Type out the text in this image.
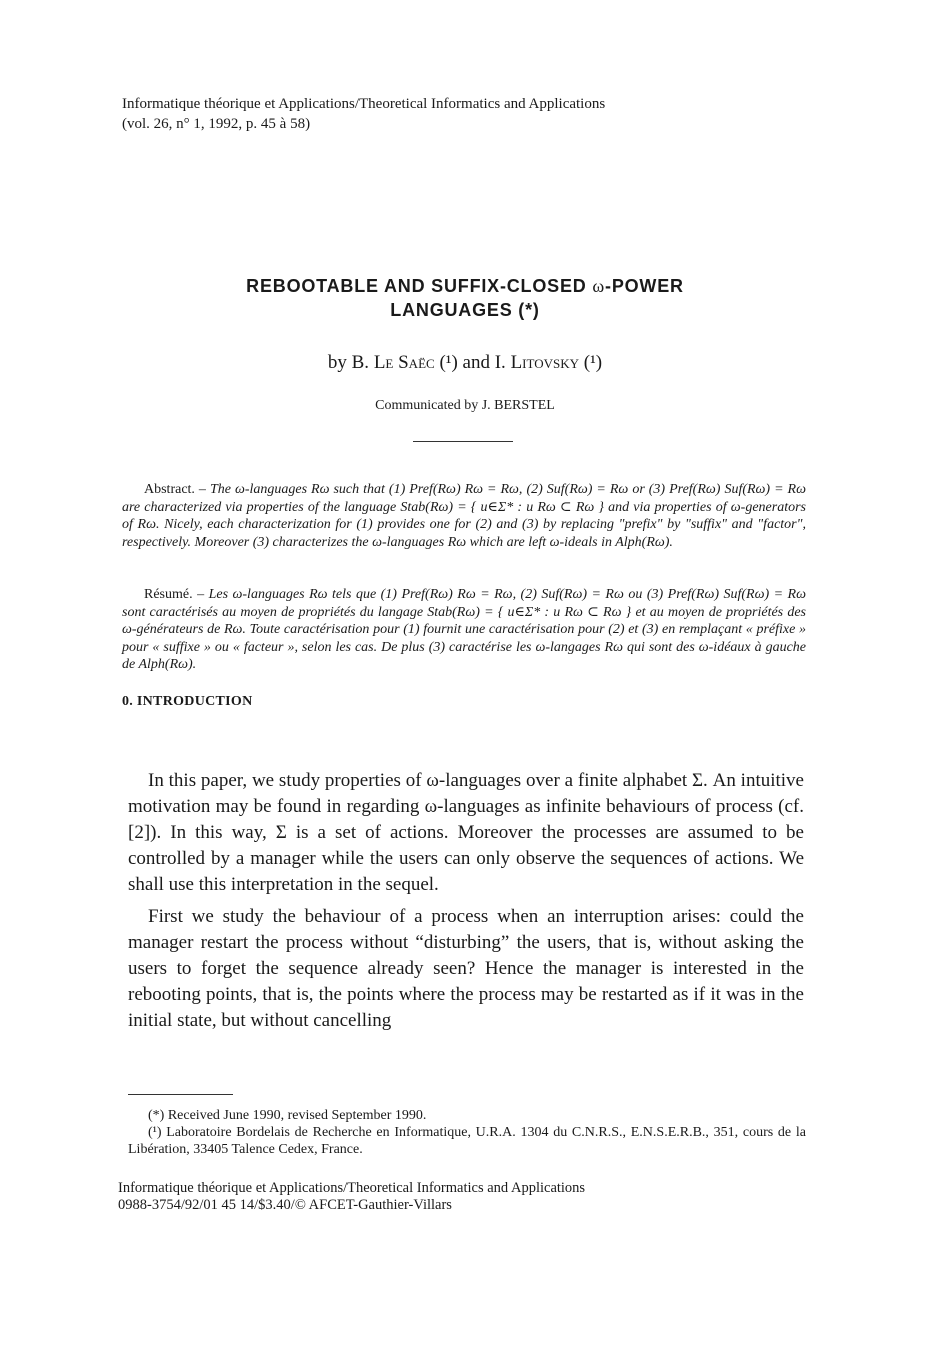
Informatique théorique et Applications/Theoretical Informatics and Applications
(vol. 26, n° 1, 1992, p. 45 à 58)
REBOOTABLE AND SUFFIX-CLOSED ω-POWER
LANGUAGES (*)
by B. Le Saëc (¹) and I. Litovsky (¹)
Communicated by J. BERSTEL

Abstract. – The ω-languages Rω such that (1) Pref(Rω) Rω = Rω, (2) Suf(Rω) = Rω or (3) Pref(Rω) Suf(Rω) = Rω are characterized via properties of the language Stab(Rω) = { u∈Σ* : u Rω ⊂ Rω } and via properties of ω-generators of Rω. Nicely, each characterization for (1) provides one for (2) and (3) by replacing "prefix" by "suffix" and "factor", respectively. Moreover (3) characterizes the ω-languages Rω which are left ω-ideals in Alph(Rω).

Résumé. – Les ω-languages Rω tels que (1) Pref(Rω) Rω = Rω, (2) Suf(Rω) = Rω ou (3) Pref(Rω) Suf(Rω) = Rω sont caractérisés au moyen de propriétés du langage Stab(Rω) = { u∈Σ* : u Rω ⊂ Rω } et au moyen de propriétés des ω-générateurs de Rω. Toute caractérisation pour (1) fournit une caractérisation pour (2) et (3) en remplaçant « préfixe » pour « suffixe » ou « facteur », selon les cas. De plus (3) caractérise les ω-langages Rω qui sont des ω-idéaux à gauche de Alph(Rω).

0. INTRODUCTION

In this paper, we study properties of ω-languages over a finite alphabet Σ. An intuitive motivation may be found in regarding ω-languages as infinite behaviours of process (cf. [2]). In this way, Σ is a set of actions. Moreover the processes are assumed to be controlled by a manager while the users can only observe the sequences of actions. We shall use this interpretation in the sequel.

First we study the behaviour of a process when an interruption arises: could the manager restart the process without “disturbing” the users, that is, without asking the users to forget the sequence already seen? Hence the manager is interested in the rebooting points, that is, the points where the process may be restarted as if it was in the initial state, but without cancelling

(*) Received June 1990, revised September 1990.

(¹) Laboratoire Bordelais de Recherche en Informatique, U.R.A. 1304 du C.N.R.S., E.N.S.E.R.B., 351, cours de la Libération, 33405 Talence Cedex, France.

Informatique théorique et Applications/Theoretical Informatics and Applications
0988-3754/92/01 45 14/$3.40/© AFCET-Gauthier-Villars
